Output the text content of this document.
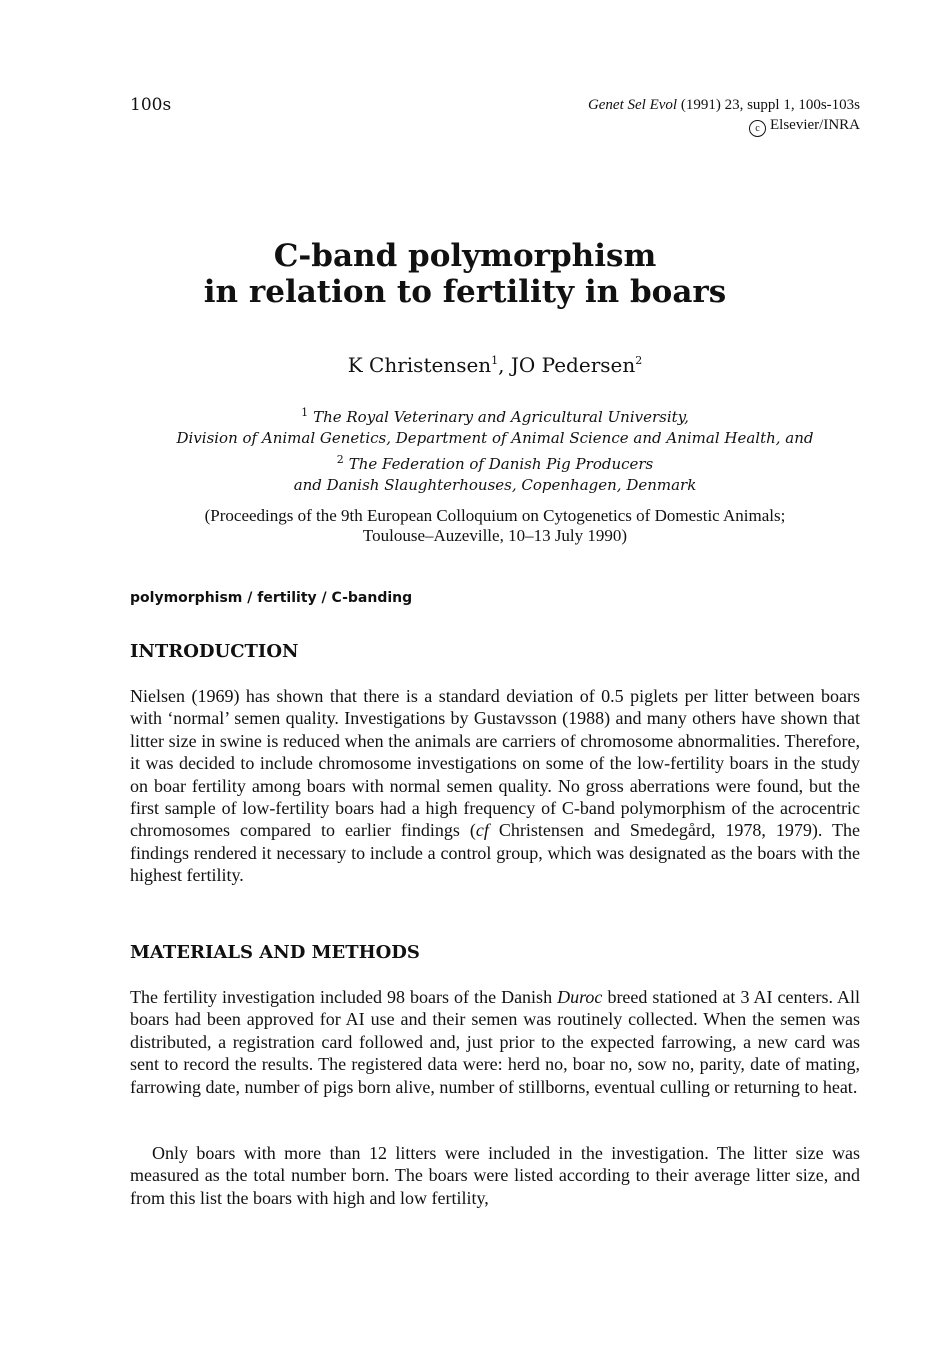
100s	Genet Sel Evol (1991) 23, suppl 1, 100s-103s
c Elsevier/INRA
C-band polymorphism
in relation to fertility in boars
K Christensen$^1$, JO Pedersen$^2$
$^1$ The Royal Veterinary and Agricultural University,
Division of Animal Genetics, Department of Animal Science and Animal Health, and
$^2$ The Federation of Danish Pig Producers
and Danish Slaughterhouses, Copenhagen, Denmark
(Proceedings of the 9th European Colloquium on Cytogenetics of Domestic Animals;
Toulouse–Auzeville, 10–13 July 1990)
polymorphism / fertility / C-banding
INTRODUCTION

Nielsen (1969) has shown that there is a standard deviation of 0.5 piglets per litter between boars with ‘normal’ semen quality. Investigations by Gustavsson (1988) and many others have shown that litter size in swine is reduced when the animals are carriers of chromosome abnormalities. Therefore, it was decided to include chromosome investigations on some of the low-fertility boars in the study on boar fertility among boars with normal semen quality. No gross aberrations were found, but the first sample of low-fertility boars had a high frequency of C-band polymorphism of the acrocentric chromosomes compared to earlier findings (cf Christensen and Smedegård, 1978, 1979). The findings rendered it necessary to include a control group, which was designated as the boars with the highest fertility.

MATERIALS AND METHODS

The fertility investigation included 98 boars of the Danish Duroc breed stationed at 3 AI centers. All boars had been approved for AI use and their semen was routinely collected. When the semen was distributed, a registration card followed and, just prior to the expected farrowing, a new card was sent to record the results. The registered data were: herd no, boar no, sow no, parity, date of mating, farrowing date, number of pigs born alive, number of stillborns, eventual culling or returning to heat.

Only boars with more than 12 litters were included in the investigation. The litter size was measured as the total number born. The boars were listed according to their average litter size, and from this list the boars with high and low fertility,
